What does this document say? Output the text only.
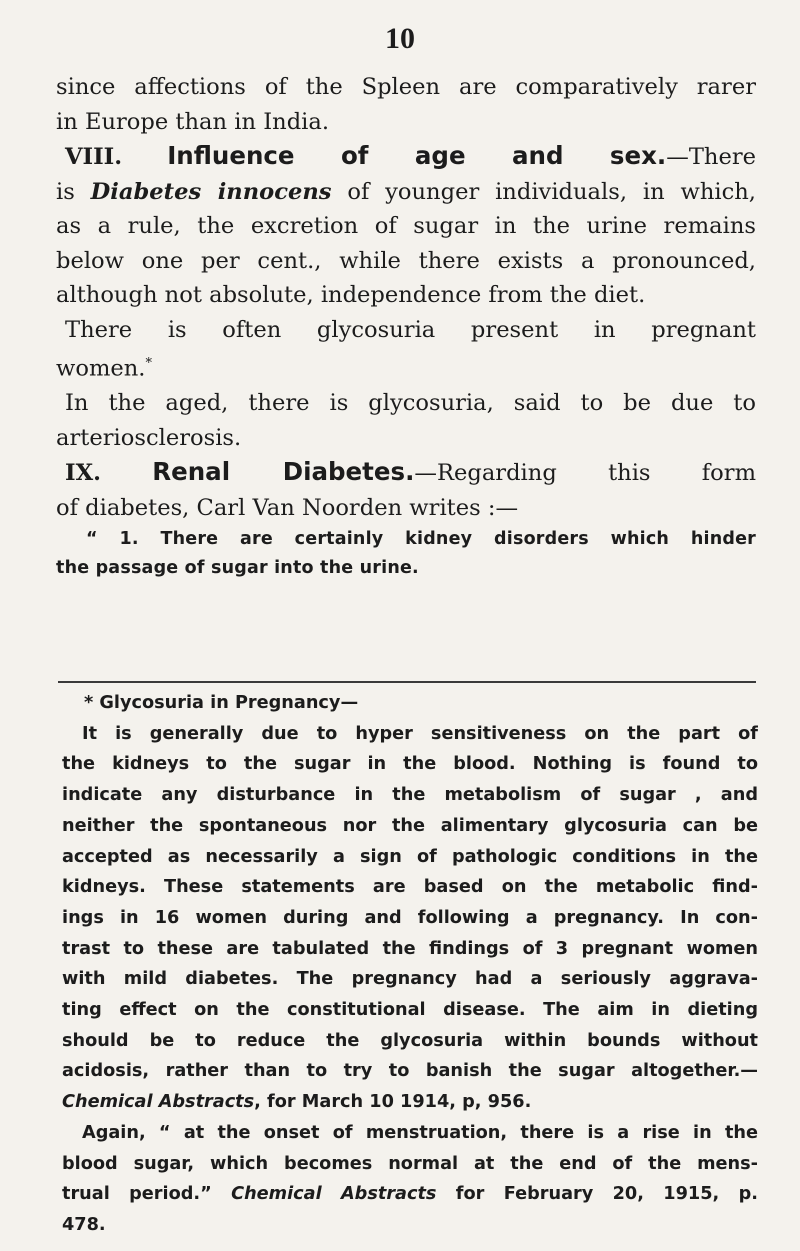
10
since affections of the Spleen are comparatively rarer
in Europe than in India.
VIII. Influence of age and sex.—There
is Diabetes innocens of younger individuals, in which,
as a rule, the excretion of sugar in the urine remains
below one per cent., while there exists a pronounced,
although not absolute, independence from the diet.
There is often glycosuria present in pregnant
women.*
In the aged, there is glycosuria, said to be due to
arteriosclerosis.
IX. Renal Diabetes.—Regarding this form
of diabetes, Carl Van Noorden writes :—
“ 1. There are certainly kidney disorders which hinder
the passage of sugar into the urine.
* Glycosuria in Pregnancy—
It is generally due to hyper sensitiveness on the part of
the kidneys to the sugar in the blood. Nothing is found to
indicate any disturbance in the metabolism of sugar , and
neither the spontaneous nor the alimentary glycosuria can be
accepted as necessarily a sign of pathologic conditions in the
kidneys. These statements are based on the metabolic find-
ings in 16 women during and following a pregnancy. In con-
trast to these are tabulated the findings of 3 pregnant women
with mild diabetes. The pregnancy had a seriously aggrava-
ting effect on the constitutional disease. The aim in dieting
should be to reduce the glycosuria within bounds without
acidosis, rather than to try to banish the sugar altogether.—
Chemical Abstracts, for March 10 1914, p, 956.
Again, “ at the onset of menstruation, there is a rise in the
blood sugar, which becomes normal at the end of the mens-
trual period.” Chemical Abstracts for February 20, 1915, p.
478.
